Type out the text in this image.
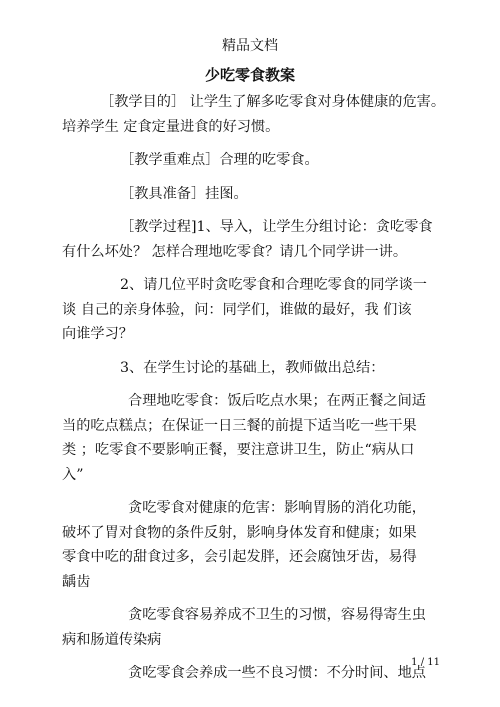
精品文档
少吃零食教案
［教学目的］ 让学生了解多吃零食对身体健康的危害。
培养学生 定食定量进食的好习惯。
［教学重难点］合理的吃零食。
［教具准备］挂图。
［教学过程]1、导入，让学生分组讨论：贪吃零食
有什么坏处？ 怎样合理地吃零食？请几个同学讲一讲。
2、请几位平时贪吃零食和合理吃零食的同学谈一
谈 自己的亲身体验，问：同学们，谁做的最好，我 们该
向谁学习？
3、在学生讨论的基础上，教师做出总结：
合理地吃零食：饭后吃点水果；在两正餐之间适
当的吃点糕点；在保证一日三餐的前提下适当吃一些干果
类 ；吃零食不要影响正餐，要注意讲卫生，防止“病从口
入”
贪吃零食对健康的危害：影响胃肠的消化功能，
破坏了胃对食物的条件反射，影响身体发育和健康；如果
零食中吃的甜食过多，会引起发胖，还会腐蚀牙齿，易得
龋齿
贪吃零食容易养成不卫生的习惯，容易得寄生虫
病和肠道传染病
贪吃零食会养成一些不良习惯：不分时间、地点
1 / 11
